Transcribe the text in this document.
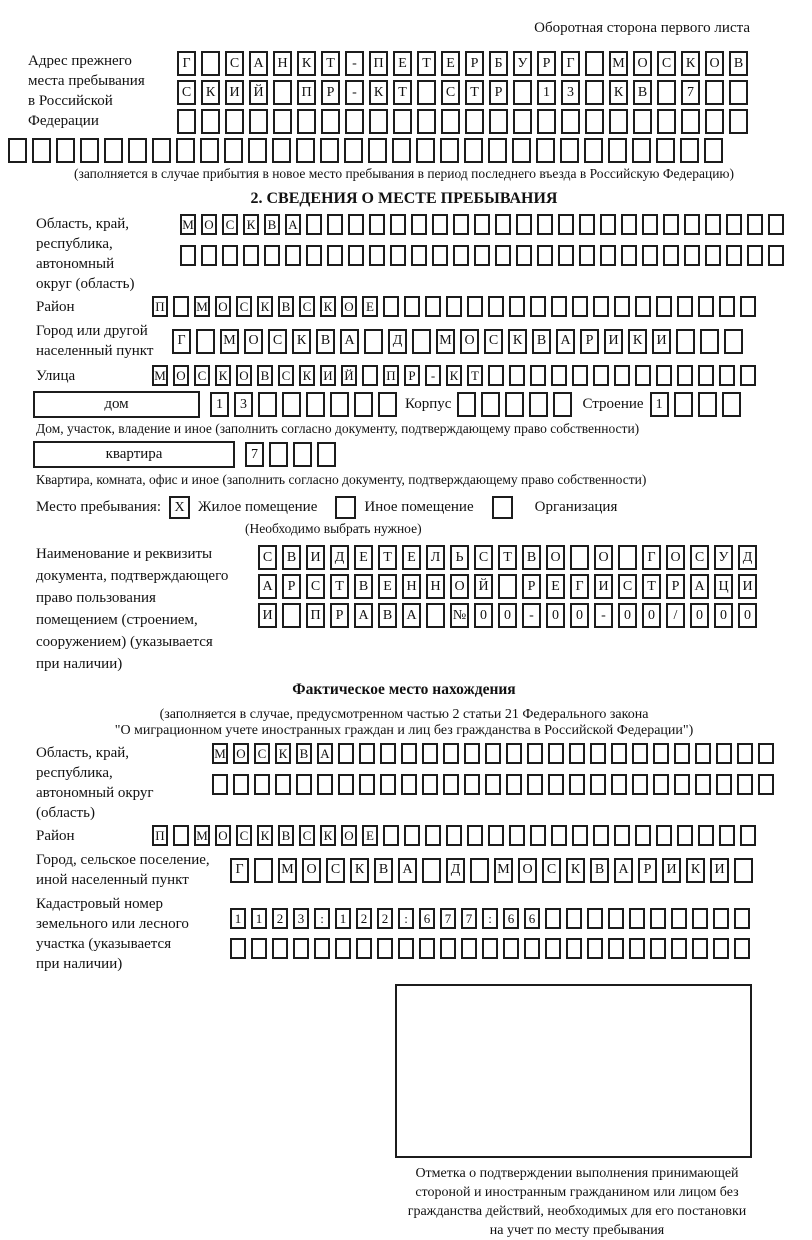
Оборотная сторона первого листа
Адрес прежнего
места пребывания
в Российской
Федерации
Г	С	А Н	К	Т	-	П	Е	Т	Е	Р	Б	У	Р	Г	М О	С	К	О	В
С	К	И Й	П	Р	-	К	Т	С	Т	Р	1	3	К	В	7
(заполняется в случае прибытия в новое место пребывания в период последнего въезда в Российскую Федерацию)
2. СВЕДЕНИЯ О МЕСТЕ ПРЕБЫВАНИЯ
Область, край,
республика,
автономный
округ (область)
М О С К В А
Район	П М О С К В С К О Е
Город или другой
населенный пункт
Г	М О	С	К	В	А	Д	М О	С	К	В	А	Р	И	К	И
Улица	М О С К О В С К И Й	П Р	-	К Т
дом	1	3	Корпус	Строение 1
Дом, участок, владение и иное (заполнить согласно документу, подтверждающему право собственности)
квартира	7
Квартира, комната, офис и иное (заполнить согласно документу, подтверждающему право собственности)
Место пребывания: X Жилое помещение	Иное помещение	Организация
(Необходимо выбрать нужное)
Наименование и реквизиты
документа, подтверждающего
право пользования
помещением (строением,
сооружением) (указывается
при наличии)
С	В	И	Д	Е	Т	Е	Л	Ь	С	Т	В	О	О	Г	О	С	У	Д
А	Р	С	Т	В	Е	Н Н О Й	Р	Е	Г	И	С	Т	Р	А Ц И
И	П	Р	А	В	А	№ 0	0	-	0	0	-	0	0	/	0	0	0
Фактическое место нахождения
(заполняется в случае, предусмотренном частью 2 статьи 21 Федерального закона
"О миграционном учете иностранных граждан и лиц без гражданства в Российской Федерации")
Область, край,
республика,
автономный округ
(область)
М О С К В А
Район	П М О С К В С К О Е
Город, сельское поселение,
иной населенный пункт
Г	М О	С	К	В	А	Д	М О	С	К	В	А	Р	И	К	И
Кадастровый номер
земельного или лесного
участка (указывается
при наличии)
1	1	2	3	:	1	2	2	:	6	7	7	:	6	6
Отметка о подтверждении выполнения принимающей
стороной и иностранным гражданином или лицом без
гражданства действий, необходимых для его постановки
на учет по месту пребывания
